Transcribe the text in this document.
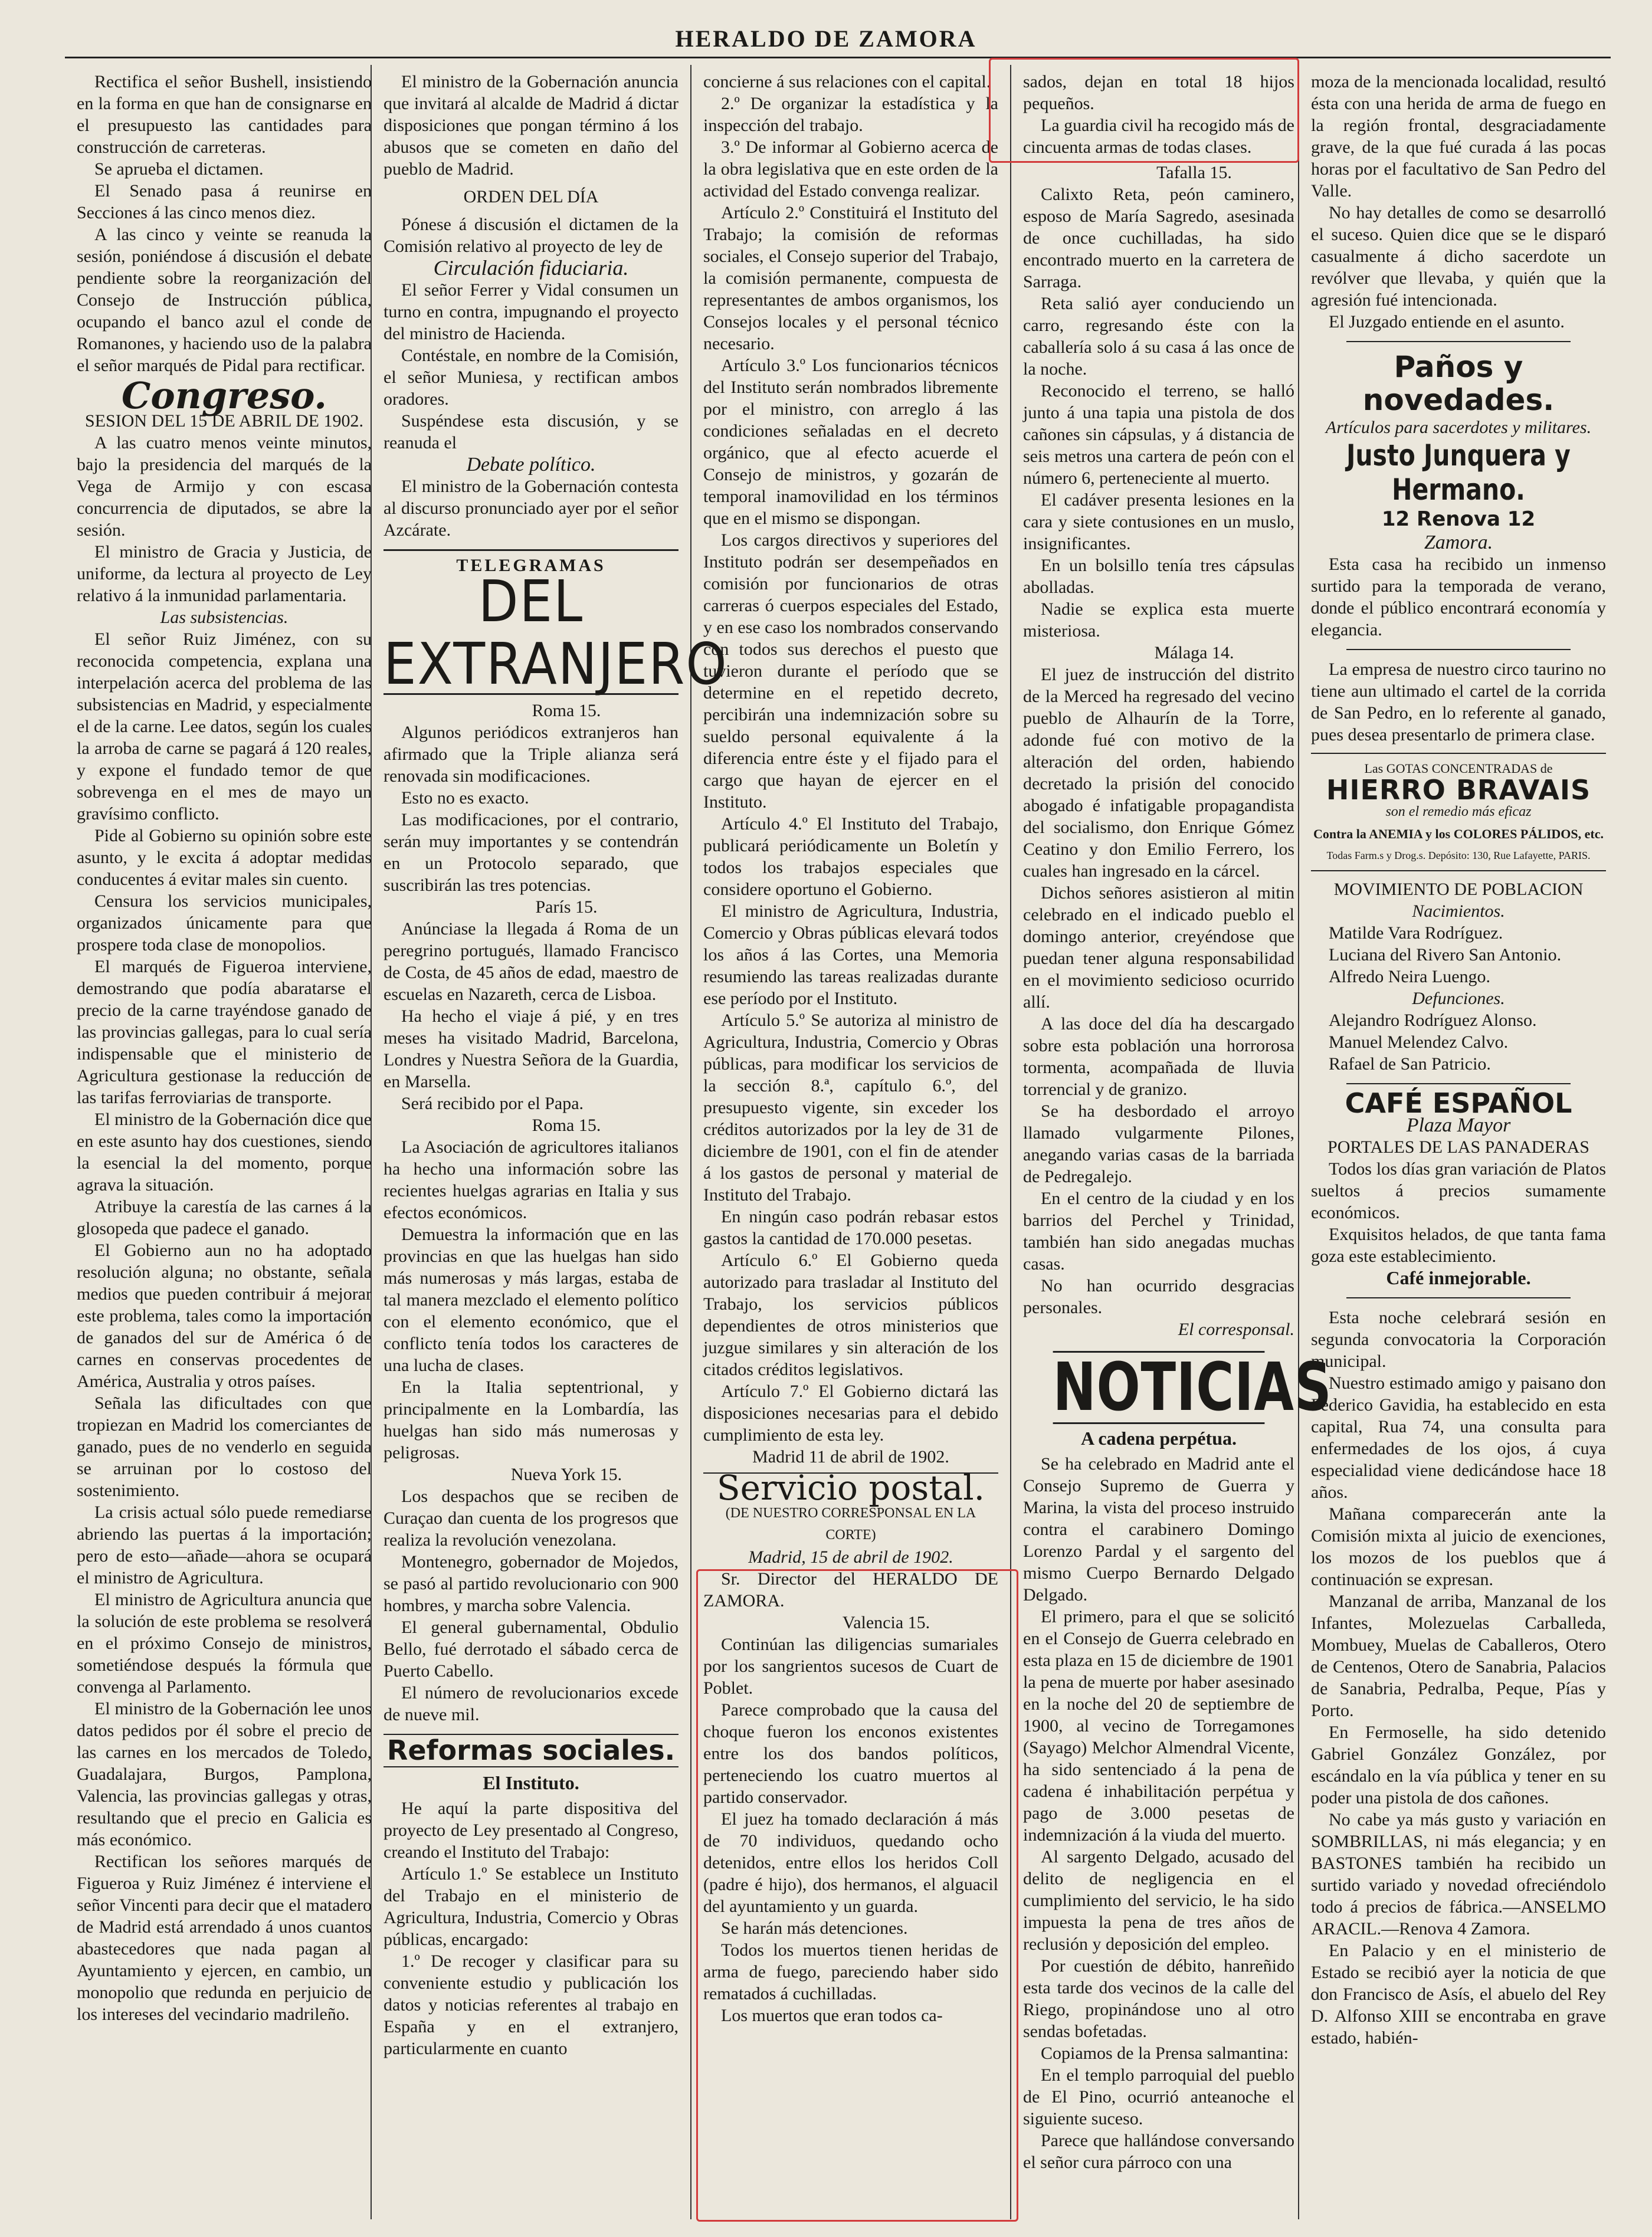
HERALDO DE ZAMORA

Rectifica el señor Bushell, insistiendo en la forma en que han de consignarse en el presupuesto las cantidades para construcción de carreteras.

Se aprueba el dictamen.

El Senado pasa á reunirse en Secciones á las cinco menos diez.

A las cinco y veinte se reanuda la sesión, poniéndose á discusión el debate pendiente sobre la reorganización del Consejo de Instrucción pública, ocupando el banco azul el conde de Romanones, y haciendo uso de la palabra el señor marqués de Pidal para rectificar.

Congreso.

SESION DEL 15 DE ABRIL DE 1902.

A las cuatro menos veinte minutos, bajo la presidencia del marqués de la Vega de Armijo y con escasa concurrencia de diputados, se abre la sesión.

El ministro de Gracia y Justicia, de uniforme, da lectura al proyecto de Ley relativo á la inmunidad parlamentaria.

Las subsistencias.

El señor Ruiz Jiménez, con su reconocida competencia, explana una interpelación acerca del problema de las subsistencias en Madrid, y especialmente el de la carne. Lee datos, según los cuales la arroba de carne se pagará á 120 reales, y expone el fundado temor de que sobrevenga en el mes de mayo un gravísimo conflicto.

Pide al Gobierno su opinión sobre este asunto, y le excita á adoptar medidas conducentes á evitar males sin cuento.

Censura los servicios municipales, organizados únicamente para que prospere toda clase de monopolios.

El marqués de Figueroa interviene, demostrando que podía abaratarse el precio de la carne trayéndose ganado de las provincias gallegas, para lo cual sería indispensable que el ministerio de Agricultura gestionase la reducción de las tarifas ferroviarias de transporte.

El ministro de la Gobernación dice que en este asunto hay dos cuestiones, siendo la esencial la del momento, porque agrava la situación.

Atribuye la carestía de las carnes á la glosopeda que padece el ganado.

El Gobierno aun no ha adoptado resolución alguna; no obstante, señala medios que pueden contribuir á mejorar este problema, tales como la importación de ganados del sur de América ó de carnes en conservas procedentes de América, Australia y otros países.

Señala las dificultades con que tropiezan en Madrid los comerciantes de ganado, pues de no venderlo en seguida se arruinan por lo costoso del sostenimiento.

La crisis actual sólo puede remediarse abriendo las puertas á la importación; pero de esto—añade—ahora se ocupará el ministro de Agricultura.

El ministro de Agricultura anuncia que la solución de este problema se resolverá en el próximo Consejo de ministros, sometiéndose después la fórmula que convenga al Parlamento.

El ministro de la Gobernación lee unos datos pedidos por él sobre el precio de las carnes en los mercados de Toledo, Guadalajara, Burgos, Pamplona, Valencia, las provincias gallegas y otras, resultando que el precio en Galicia es más económico.

Rectifican los señores marqués de Figueroa y Ruiz Jiménez é interviene el señor Vincenti para decir que el matadero de Madrid está arrendado á unos cuantos abastecedores que nada pagan al Ayuntamiento y ejercen, en cambio, un monopolio que redunda en perjuicio de los intereses del vecindario madrileño.

El ministro de la Gobernación anuncia que invitará al alcalde de Madrid á dictar disposiciones que pongan término á los abusos que se cometen en daño del pueblo de Madrid.

ORDEN DEL DÍA

Pónese á discusión el dictamen de la Comisión relativo al proyecto de ley de

Circulación fiduciaria.

El señor Ferrer y Vidal consumen un turno en contra, impugnando el proyecto del ministro de Hacienda.

Contéstale, en nombre de la Comisión, el señor Muniesa, y rectifican ambos oradores.

Suspéndese esta discusión, y se reanuda el

Debate político.

El ministro de la Gobernación contesta al discurso pronunciado ayer por el señor Azcárate.

TELEGRAMAS
DEL EXTRANJERO

Roma 15.

Algunos periódicos extranjeros han afirmado que la Triple alianza será renovada sin modificaciones.

Esto no es exacto.

Las modificaciones, por el contrario, serán muy importantes y se contendrán en un Protocolo separado, que suscribirán las tres potencias.

París 15.

Anúnciase la llegada á Roma de un peregrino portugués, llamado Francisco de Costa, de 45 años de edad, maestro de escuelas en Nazareth, cerca de Lisboa.

Ha hecho el viaje á pié, y en tres meses ha visitado Madrid, Barcelona, Londres y Nuestra Señora de la Guardia, en Marsella.

Será recibido por el Papa.

Roma 15.

La Asociación de agricultores italianos ha hecho una información sobre las recientes huelgas agrarias en Italia y sus efectos económicos.

Demuestra la información que en las provincias en que las huelgas han sido más numerosas y más largas, estaba de tal manera mezclado el elemento político con el elemento económico, que el conflicto tenía todos los caracteres de una lucha de clases.

En la Italia septentrional, y principalmente en la Lombardía, las huelgas han sido más numerosas y peligrosas.

Nueva York 15.

Los despachos que se reciben de Curaçao dan cuenta de los progresos que realiza la revolución venezolana.

Montenegro, gobernador de Mojedos, se pasó al partido revolucionario con 900 hombres, y marcha sobre Valencia.

El general gubernamental, Obdulio Bello, fué derrotado el sábado cerca de Puerto Cabello.

El número de revolucionarios excede de nueve mil.

Reformas sociales.
El Instituto.

He aquí la parte dispositiva del proyecto de Ley presentado al Congreso, creando el Instituto del Trabajo:

Artículo 1.º Se establece un Instituto del Trabajo en el ministerio de Agricultura, Industria, Comercio y Obras públicas, encargado:

1.º De recoger y clasificar para su conveniente estudio y publicación los datos y noticias referentes al trabajo en España y en el extranjero, particularmente en cuanto

concierne á sus relaciones con el capital.

2.º De organizar la estadística y la inspección del trabajo.

3.º De informar al Gobierno acerca de la obra legislativa que en este orden de la actividad del Estado convenga realizar.

Artículo 2.º Constituirá el Instituto del Trabajo; la comisión de reformas sociales, el Consejo superior del Trabajo, la comisión permanente, compuesta de representantes de ambos organismos, los Consejos locales y el personal técnico necesario.

Artículo 3.º Los funcionarios técnicos del Instituto serán nombrados libremente por el ministro, con arreglo á las condiciones señaladas en el decreto orgánico, que al efecto acuerde el Consejo de ministros, y gozarán de temporal inamovilidad en los términos que en el mismo se dispongan.

Los cargos directivos y superiores del Instituto podrán ser desempeñados en comisión por funcionarios de otras carreras ó cuerpos especiales del Estado, y en ese caso los nombrados conservando con todos sus derechos el puesto que tuvieron durante el período que se determine en el repetido decreto, percibirán una indemnización sobre su sueldo personal equivalente á la diferencia entre éste y el fijado para el cargo que hayan de ejercer en el Instituto.

Artículo 4.º El Instituto del Trabajo, publicará periódicamente un Boletín y todos los trabajos especiales que considere oportuno el Gobierno.

El ministro de Agricultura, Industria, Comercio y Obras públicas elevará todos los años á las Cortes, una Memoria resumiendo las tareas realizadas durante ese período por el Instituto.

Artículo 5.º Se autoriza al ministro de Agricultura, Industria, Comercio y Obras públicas, para modificar los servicios de la sección 8.ª, capítulo 6.º, del presupuesto vigente, sin exceder los créditos autorizados por la ley de 31 de diciembre de 1901, con el fin de atender á los gastos de personal y material de Instituto del Trabajo.

En ningún caso podrán rebasar estos gastos la cantidad de 170.000 pesetas.

Artículo 6.º El Gobierno queda autorizado para trasladar al Instituto del Trabajo, los servicios públicos dependientes de otros ministerios que juzgue similares y sin alteración de los citados créditos legislativos.

Artículo 7.º El Gobierno dictará las disposiciones necesarias para el debido cumplimiento de esta ley.

Madrid 11 de abril de 1902.

Servicio postal.

(DE NUESTRO CORRESPONSAL EN LA CORTE)

Madrid, 15 de abril de 1902.

Sr. Director del HERALDO DE ZAMORA.

Valencia 15.

Continúan las diligencias sumariales por los sangrientos sucesos de Cuart de Poblet.

Parece comprobado que la causa del choque fueron los enconos existentes entre los dos bandos políticos, perteneciendo los cuatro muertos al partido conservador.

El juez ha tomado declaración á más de 70 individuos, quedando ocho detenidos, entre ellos los heridos Coll (padre é hijo), dos hermanos, el alguacil del ayuntamiento y un guarda.

Se harán más detenciones.

Todos los muertos tienen heridas de arma de fuego, pareciendo haber sido rematados á cuchilladas.

Los muertos que eran todos ca-

sados, dejan en total 18 hijos pequeños.

La guardia civil ha recogido más de cincuenta armas de todas clases.

Tafalla 15.

Calixto Reta, peón caminero, esposo de María Sagredo, asesinada de once cuchilladas, ha sido encontrado muerto en la carretera de Sarraga.

Reta salió ayer conduciendo un carro, regresando éste con la caballería solo á su casa á las once de la noche.

Reconocido el terreno, se halló junto á una tapia una pistola de dos cañones sin cápsulas, y á distancia de seis metros una cartera de peón con el número 6, perteneciente al muerto.

El cadáver presenta lesiones en la cara y siete contusiones en un muslo, insignificantes.

En un bolsillo tenía tres cápsulas abolladas.

Nadie se explica esta muerte misteriosa.

Málaga 14.

El juez de instrucción del distrito de la Merced ha regresado del vecino pueblo de Alhaurín de la Torre, adonde fué con motivo de la alteración del orden, habiendo decretado la prisión del conocido abogado é infatigable propagandista del socialismo, don Enrique Gómez Ceatino y don Emilio Ferrero, los cuales han ingresado en la cárcel.

Dichos señores asistieron al mitin celebrado en el indicado pueblo el domingo anterior, creyéndose que puedan tener alguna responsabilidad en el movimiento sedicioso ocurrido allí.

A las doce del día ha descargado sobre esta población una horrorosa tormenta, acompañada de lluvia torrencial y de granizo.

Se ha desbordado el arroyo llamado vulgarmente Pilones, anegando varias casas de la barriada de Pedregalejo.

En el centro de la ciudad y en los barrios del Perchel y Trinidad, también han sido anegadas muchas casas.

No han ocurrido desgracias personales.

El corresponsal.

NOTICIAS
A cadena perpétua.

Se ha celebrado en Madrid ante el Consejo Supremo de Guerra y Marina, la vista del proceso instruido contra el carabinero Domingo Lorenzo Pardal y el sargento del mismo Cuerpo Bernardo Delgado Delgado.

El primero, para el que se solicitó en el Consejo de Guerra celebrado en esta plaza en 15 de diciembre de 1901 la pena de muerte por haber asesinado en la noche del 20 de septiembre de 1900, al vecino de Torregamones (Sayago) Melchor Almendral Vicente, ha sido sentenciado á la pena de cadena é inhabilitación perpétua y pago de 3.000 pesetas de indemnización á la viuda del muerto.

Al sargento Delgado, acusado del delito de negligencia en el cumplimiento del servicio, le ha sido impuesta la pena de tres años de reclusión y deposición del empleo.

Por cuestión de débito, hanreñido esta tarde dos vecinos de la calle del Riego, propinándose uno al otro sendas bofetadas.

Copiamos de la Prensa salmantina:

En el templo parroquial del pueblo de El Pino, ocurrió anteanoche el siguiente suceso.

Parece que hallándose conversando el señor cura párroco con una

moza de la mencionada localidad, resultó ésta con una herida de arma de fuego en la región frontal, desgraciadamente grave, de la que fué curada á las pocas horas por el facultativo de San Pedro del Valle.

No hay detalles de como se desarrolló el suceso. Quien dice que se le disparó casualmente á dicho sacerdote un revólver que llevaba, y quién que la agresión fué intencionada.

El Juzgado entiende en el asunto.

Paños y novedades.
Artículos para sacerdotes y militares.
Justo Junquera y Hermano.
12 Renova 12
Zamora.

Esta casa ha recibido un inmenso surtido para la temporada de verano, donde el público encontrará economía y elegancia.

La empresa de nuestro circo taurino no tiene aun ultimado el cartel de la corrida de San Pedro, en lo referente al ganado, pues desea presentarlo de primera clase.

Las GOTAS CONCENTRADAS de
HIERRO BRAVAIS
son el remedio más eficaz
Contra la ANEMIA y los COLORES PÁLIDOS, etc.
Todas Farm.s y Drog.s. Depósito: 130, Rue Lafayette, PARIS.

MOVIMIENTO DE POBLACION

Nacimientos.

Matilde Vara Rodríguez.

Luciana del Rivero San Antonio.

Alfredo Neira Luengo.

Defunciones.

Alejandro Rodríguez Alonso.

Manuel Melendez Calvo.

Rafael de San Patricio.

CAFÉ ESPAÑOL

Plaza Mayor

PORTALES DE LAS PANADERAS

Todos los días gran variación de Platos sueltos á precios sumamente económicos.

Exquisitos helados, de que tanta fama goza este establecimiento.

Café inmejorable.

Esta noche celebrará sesión en segunda convocatoria la Corporación municipal.

Nuestro estimado amigo y paisano don Federico Gavidia, ha establecido en esta capital, Rua 74, una consulta para enfermedades de los ojos, á cuya especialidad viene dedicándose hace 18 años.

Mañana comparecerán ante la Comisión mixta al juicio de exenciones, los mozos de los pueblos que á continuación se expresan.

Manzanal de arriba, Manzanal de los Infantes, Molezuelas Carballeda, Mombuey, Muelas de Caballeros, Otero de Centenos, Otero de Sanabria, Palacios de Sanabria, Pedralba, Peque, Pías y Porto.

En Fermoselle, ha sido detenido Gabriel González González, por escándalo en la vía pública y tener en su poder una pistola de dos cañones.

No cabe ya más gusto y variación en SOMBRILLAS, ni más elegancia; y en BASTONES también ha recibido un surtido variado y novedad ofreciéndolo todo á precios de fábrica.—ANSELMO ARACIL.—Renova 4 Zamora.

En Palacio y en el ministerio de Estado se recibió ayer la noticia de que don Francisco de Asís, el abuelo del Rey D. Alfonso XIII se encontraba en grave estado, habién-
